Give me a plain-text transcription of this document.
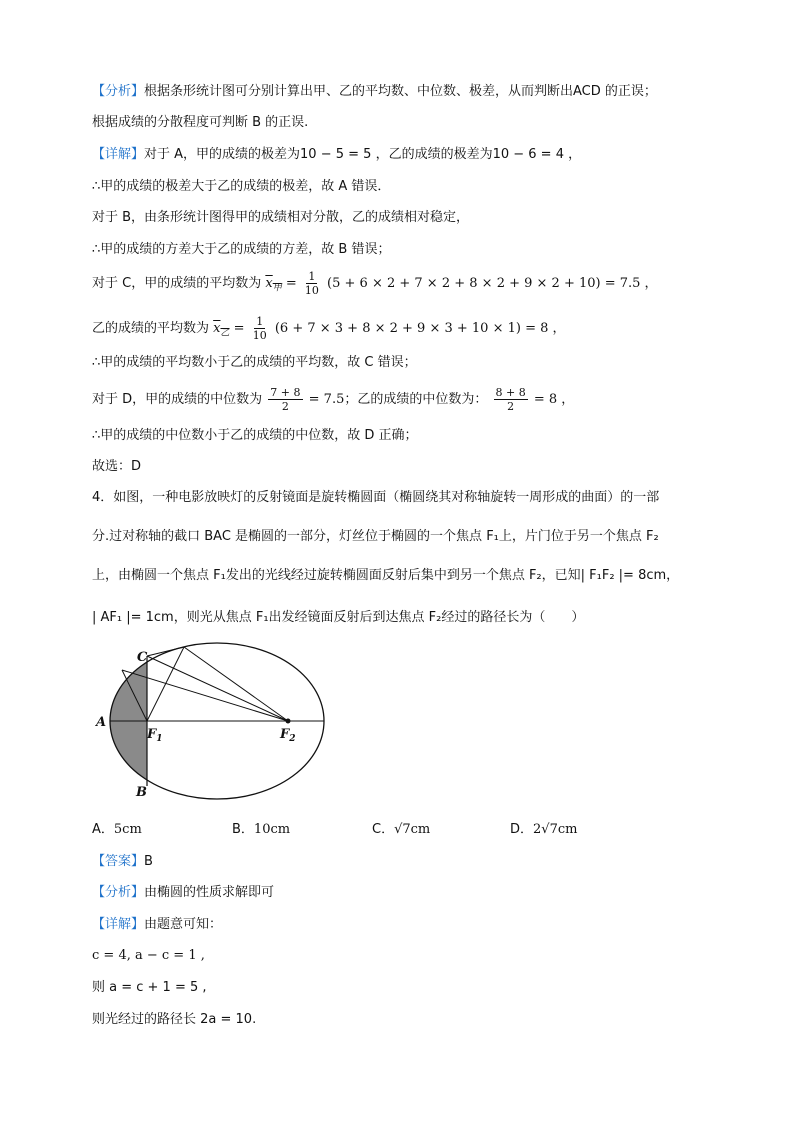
【分析】根据条形统计图可分别计算出甲、乙的平均数、中位数、极差，从而判断出ACD 的正误；
根据成绩的分散程度可判断 B 的正误.
【详解】对于 A，甲的成绩的极差为10 − 5 = 5 ，乙的成绩的极差为10 − 6 = 4 ，
∴甲的成绩的极差大于乙的成绩的极差，故 A 错误．
对于 B，由条形统计图得甲的成绩相对分散，乙的成绩相对稳定，
∴甲的成绩的方差大于乙的成绩的方差，故 B 错误；
对于 C，甲的成绩的平均数为 $x_甲 = \frac{1}{10} (5 + 6 \times 2 + 7 \times 2 + 8 \times 2 + 9 \times 2 + 10) = 7.5$ ，
乙的成绩的平均数为 $x_乙 = \frac{1}{10} (6 + 7 \times 3 + 8 \times 2 + 9 \times 3 + 10 \times 1) = 8$ ，
∴甲的成绩的平均数小于乙的成绩的平均数，故 C 错误；
对于 D，甲的成绩的中位数为 $\frac{7 + 8}{2} = 7.5$；乙的成绩的中位数为： $\frac{8 + 8}{2} = 8$ ，
∴甲的成绩的中位数小于乙的成绩的中位数，故 D 正确；
故选：D
4．如图，一种电影放映灯的反射镜面是旋转椭圆面（椭圆绕其对称轴旋转一周形成的曲面）的一部
分.过对称轴的截口 BAC 是椭圆的一部分，灯丝位于椭圆的一个焦点 F₁上，片门位于另一个焦点 F₂
上，由椭圆一个焦点 F₁发出的光线经过旋转椭圆面反射后集中到另一个焦点 F₂，已知| F₁F₂ |= 8cm，
| AF₁ |= 1cm，则光从焦点 F₁出发经镜面反射后到达焦点 F₂经过的路径长为（　　）
C
A
B
$F_1$	$F_2$
A．5cm	B．10cm	C．√7cm	D．2√7cm
【答案】B
【分析】由椭圆的性质求解即可
【详解】由题意可知：
c = 4, a − c = 1 ,
则 a = c + 1 = 5 ,
则光经过的路径长 2a = 10.
